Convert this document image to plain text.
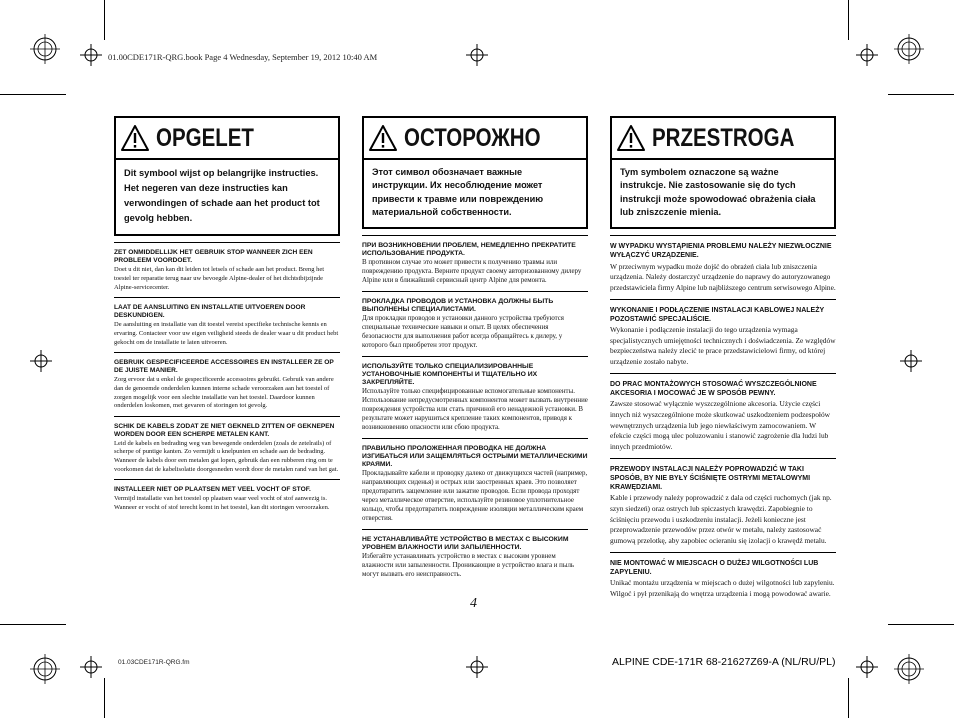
01.00CDE171R-QRG.book Page 4 Wednesday, September 19, 2012 10:40 AM
OPGELET
Dit symbool wijst op belangrijke instructies. Het negeren van deze instructies kan verwondingen of schade aan het product tot gevolg hebben.
ZET ONMIDDELLIJK HET GEBRUIK STOP WANNEER ZICH EEN PROBLEEM VOORDOET.
Doet u dit niet, dan kan dit leiden tot letsels of schade aan het product. Breng het toestel ter reparatie terug naar uw bevoegde Alpine-dealer of het dichtstbijzijnde Alpine-servicecenter.
LAAT DE AANSLUITING EN INSTALLATIE UITVOEREN DOOR DESKUNDIGEN.
De aansluiting en installatie van dit toestel vereist specifieke technische kennis en ervaring. Contacteer voor uw eigen veiligheid steeds de dealer waar u dit product hebt gekocht om de installatie te laten uitvoeren.
GEBRUIK GESPECIFICEERDE ACCESSOIRES EN INSTALLEER ZE OP DE JUISTE MANIER.
Zorg ervoor dat u enkel de gespecificeerde accessoires gebruikt. Gebruik van andere dan de genoemde onderdelen kunnen interne schade veroorzaken aan het toestel of zorgen mogelijk voor een slechte installatie van het toestel. Daardoor kunnen onderdelen loskomen, met gevaren of storingen tot gevolg.
SCHIK DE KABELS ZODAT ZE NIET GEKNELD ZITTEN OF GEKNEPEN WORDEN DOOR EEN SCHERPE METALEN KANT.
Leid de kabels en bedrading weg van bewegende onderdelen (zoals de zetelrails) of scherpe of puntige kanten. Zo vermijdt u knelpunten en schade aan de bedrading. Wanneer de kabels door een metalen gat lopen, gebruik dan een rubberen ring om te voorkomen dat de kabelisolatie doorgesneden wordt door de metalen rand van het gat.
INSTALLEER NIET OP PLAATSEN MET VEEL VOCHT OF STOF.
Vermijd installatie van het toestel op plaatsen waar veel vocht of stof aanwezig is. Wanneer er vocht of stof terecht komt in het toestel, kan dit storingen veroorzaken.
ОСТОРОЖНО
Этот символ обозначает важные инструкции. Их несоблюдение может привести к травме или повреждению материальной собственности.
ПРИ ВОЗНИКНОВЕНИИ ПРОБЛЕМ, НЕМЕДЛЕННО ПРЕКРАТИТЕ ИСПОЛЬЗОВАНИЕ ПРОДУКТА.
В противном случае это может привести к получению травмы или повреждению продукта. Верните продукт своему авторизованному дилеру Alpine или в ближайший сервисный центр Alpine для ремонта.
ПРОКЛАДКА ПРОВОДОВ И УСТАНОВКА ДОЛЖНЫ БЫТЬ ВЫПОЛНЕНЫ СПЕЦИАЛИСТАМИ.
Для прокладки проводов и установки данного устройства требуются специальные технические навыки и опыт. В целях обеспечения безопасности для выполнения работ всегда обращайтесь к дилеру, у которого был приобретен этот продукт.
ИСПОЛЬЗУЙТЕ ТОЛЬКО СПЕЦИАЛИЗИРОВАННЫЕ УСТАНОВОЧНЫЕ КОМПОНЕНТЫ И ТЩАТЕЛЬНО ИХ ЗАКРЕПЛЯЙТЕ.
Используйте только специфицированные вспомогательные компоненты. Использование непредусмотренных компонентов может вызвать внутренние повреждения устройства или стать причиной его ненадежной установки. В результате может нарушиться крепление таких компонентов, приводя к возникновению опасности или сбою продукта.
ПРАВИЛЬНО ПРОЛОЖЕННАЯ ПРОВОДКА НЕ ДОЛЖНА ИЗГИБАТЬСЯ ИЛИ ЗАЩЕМЛЯТЬСЯ ОСТРЫМИ МЕТАЛЛИЧЕСКИМИ КРАЯМИ.
Прокладывайте кабели и проводку далеко от движущихся частей (например, направляющих сиденья) и острых или заостренных краев. Это позволяет предотвратить защемление или зажатие проводов. Если провода проходят через металлическое отверстие, используйте резиновое уплотнительное кольцо, чтобы предотвратить повреждение изоляции металлическим краем отверстия.
НЕ УСТАНАВЛИВАЙТЕ УСТРОЙСТВО В МЕСТАХ С ВЫСОКИМ УРОВНЕМ ВЛАЖНОСТИ ИЛИ ЗАПЫЛЕННОСТИ.
Избегайте устанавливать устройство в местах с высоким уровнем влажности или запыленности. Проникающие в устройство влага и пыль могут вызвать его неисправность.
PRZESTROGA
Tym symbolem oznaczone są ważne instrukcje. Nie zastosowanie się do tych instrukcji może spowodować obrażenia ciała lub zniszczenie mienia.
W WYPADKU WYSTĄPIENIA PROBLEMU NALEŻY NIEZWŁOCZNIE WYŁĄCZYĆ URZĄDZENIE.
W przeciwnym wypadku może dojść do obrażeń ciała lub zniszczenia urządzenia. Należy dostarczyć urządzenie do naprawy do autoryzowanego przedstawiciela firmy Alpine lub najbliższego centrum serwisowego Alpine.
WYKONANIE I PODŁĄCZENIE INSTALACJI KABLOWEJ NALEŻY POZOSTAWIĆ SPECJALIŚCIE.
Wykonanie i podłączenie instalacji do tego urządzenia wymaga specjalistycznych umiejętności technicznych i doświadczenia. Ze względów bezpieczeństwa należy zlecić te prace przedstawicielowi firmy, od której urządzenie zostało nabyte.
DO PRAC MONTAŻOWYCH STOSOWAĆ WYSZCZEGÓLNIONE AKCESORIA I MOCOWAĆ JE W SPOSÓB PEWNY.
Zawsze stosować wyłącznie wyszczególnione akcesoria. Użycie części innych niż wyszczególnione może skutkować uszkodzeniem podzespołów wewnętrznych urządzenia lub jego niewłaściwym zamocowaniem. W efekcie części mogą ulec poluzowaniu i stanowić zagrożenie dla ludzi lub innych przedmiotów.
PRZEWODY INSTALACJI NALEŻY POPROWADZIĆ W TAKI SPOSÓB, BY NIE BYŁY ŚCIŚNIĘTE OSTRYMI METALOWYMI KRAWĘDZIAMI.
Kable i przewody należy poprowadzić z dala od części ruchomych (jak np. szyn siedzeń) oraz ostrych lub spiczastych krawędzi. Zapobiegnie to ściśnięciu przewodu i uszkodzeniu instalacji. Jeżeli konieczne jest przeprowadzenie przewodów przez otwór w metalu, należy zastosować gumową przelotkę, aby zapobiec ocieraniu się izolacji o krawędź metalu.
NIE MONTOWAĆ W MIEJSCACH O DUŻEJ WILGOTNOŚCI LUB ZAPYLENIU.
Unikać montażu urządzenia w miejscach o dużej wilgotności lub zapyleniu. Wilgoć i pył przenikają do wnętrza urządzenia i mogą powodować awarie.
4
01.03CDE171R-QRG.fm	ALPINE CDE-171R 68-21627Z69-A (NL/RU/PL)
